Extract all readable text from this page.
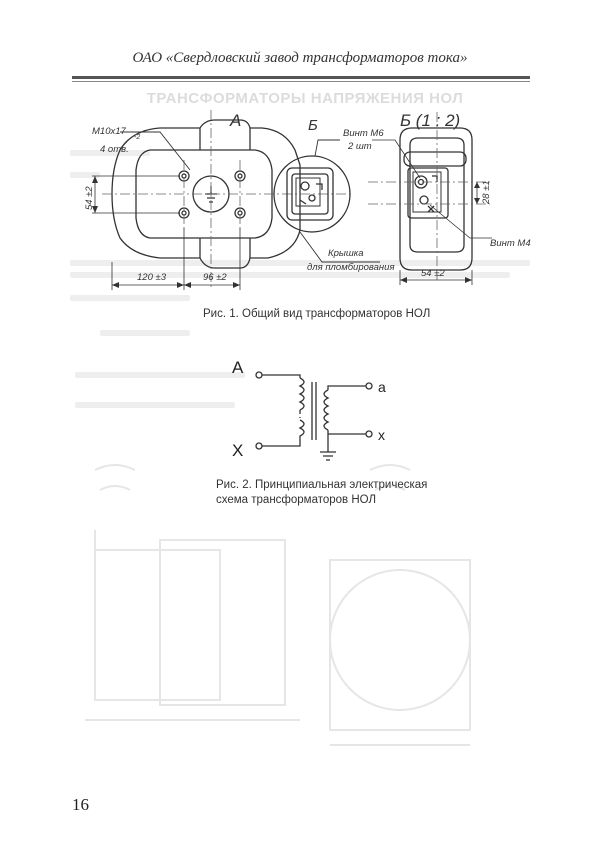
ОАО «Свердловский завод трансформаторов тока»
ТРАНСФОРМАТОРЫ НАПРЯЖЕНИЯ НОЛ
А	Б	Б (1 : 2)
M10x17
-2
4 отв.
Винт М6
2 шт
Крышка
для пломбирования
Винт М4
54 ±2
120 ±3	96 ±2
28 ±1
54 ±2
А
Х
а
х
Рис. 1. Общий вид трансформаторов НОЛ
Рис. 2. Принципиальная электрическая
схема трансформаторов НОЛ
16
